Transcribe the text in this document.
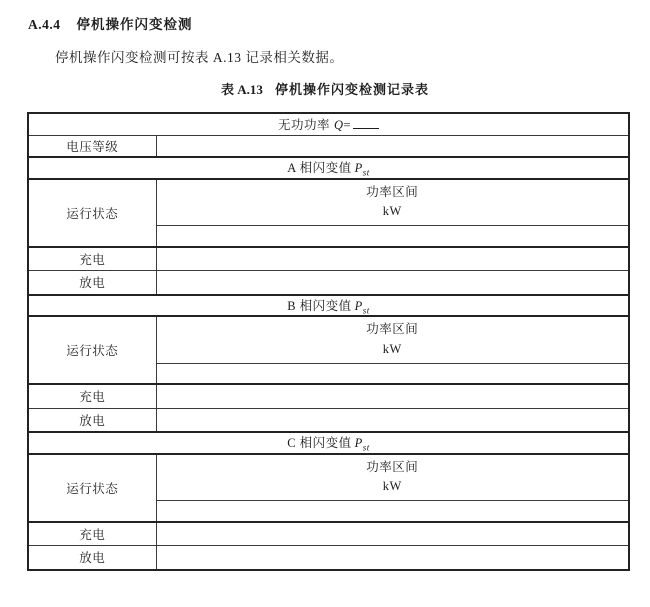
A.4.4 停机操作闪变检测

停机操作闪变检测可按表 A.13 记录相关数据。

表 A.13 停机操作闪变检测记录表
无功功率 Q=	
电压等级	
A 相闪变值 $P_{st}$
运行状态	功率区间
kW

充电	
放电	
B 相闪变值 $P_{st}$
运行状态	功率区间
kW

充电	
放电	
C 相闪变值 $P_{st}$
运行状态	功率区间
kW

充电	
放电	
